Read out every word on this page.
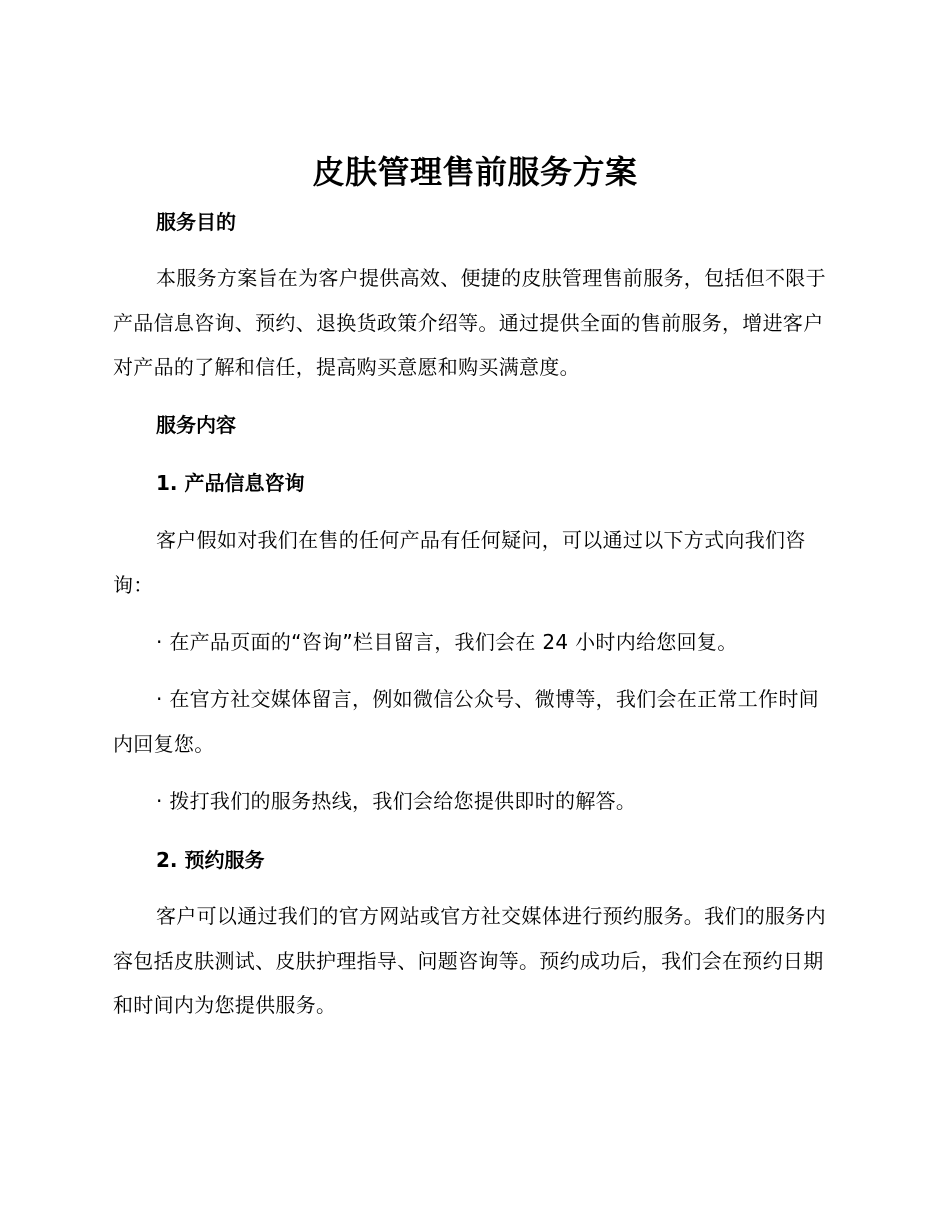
皮肤管理售前服务方案
服务目的

本服务方案旨在为客户提供高效、便捷的皮肤管理售前服务，包括但不限于产品信息咨询、预约、退换货政策介绍等。通过提供全面的售前服务，增进客户对产品的了解和信任，提高购买意愿和购买满意度。

服务内容
1. 产品信息咨询

客户假如对我们在售的任何产品有任何疑问，可以通过以下方式向我们咨询：

· 在产品页面的“咨询”栏目留言，我们会在 24 小时内给您回复。

· 在官方社交媒体留言，例如微信公众号、微博等，我们会在正常工作时间内回复您。

· 拨打我们的服务热线，我们会给您提供即时的解答。

2. 预约服务

客户可以通过我们的官方网站或官方社交媒体进行预约服务。我们的服务内容包括皮肤测试、皮肤护理指导、问题咨询等。预约成功后，我们会在预约日期和时间内为您提供服务。
